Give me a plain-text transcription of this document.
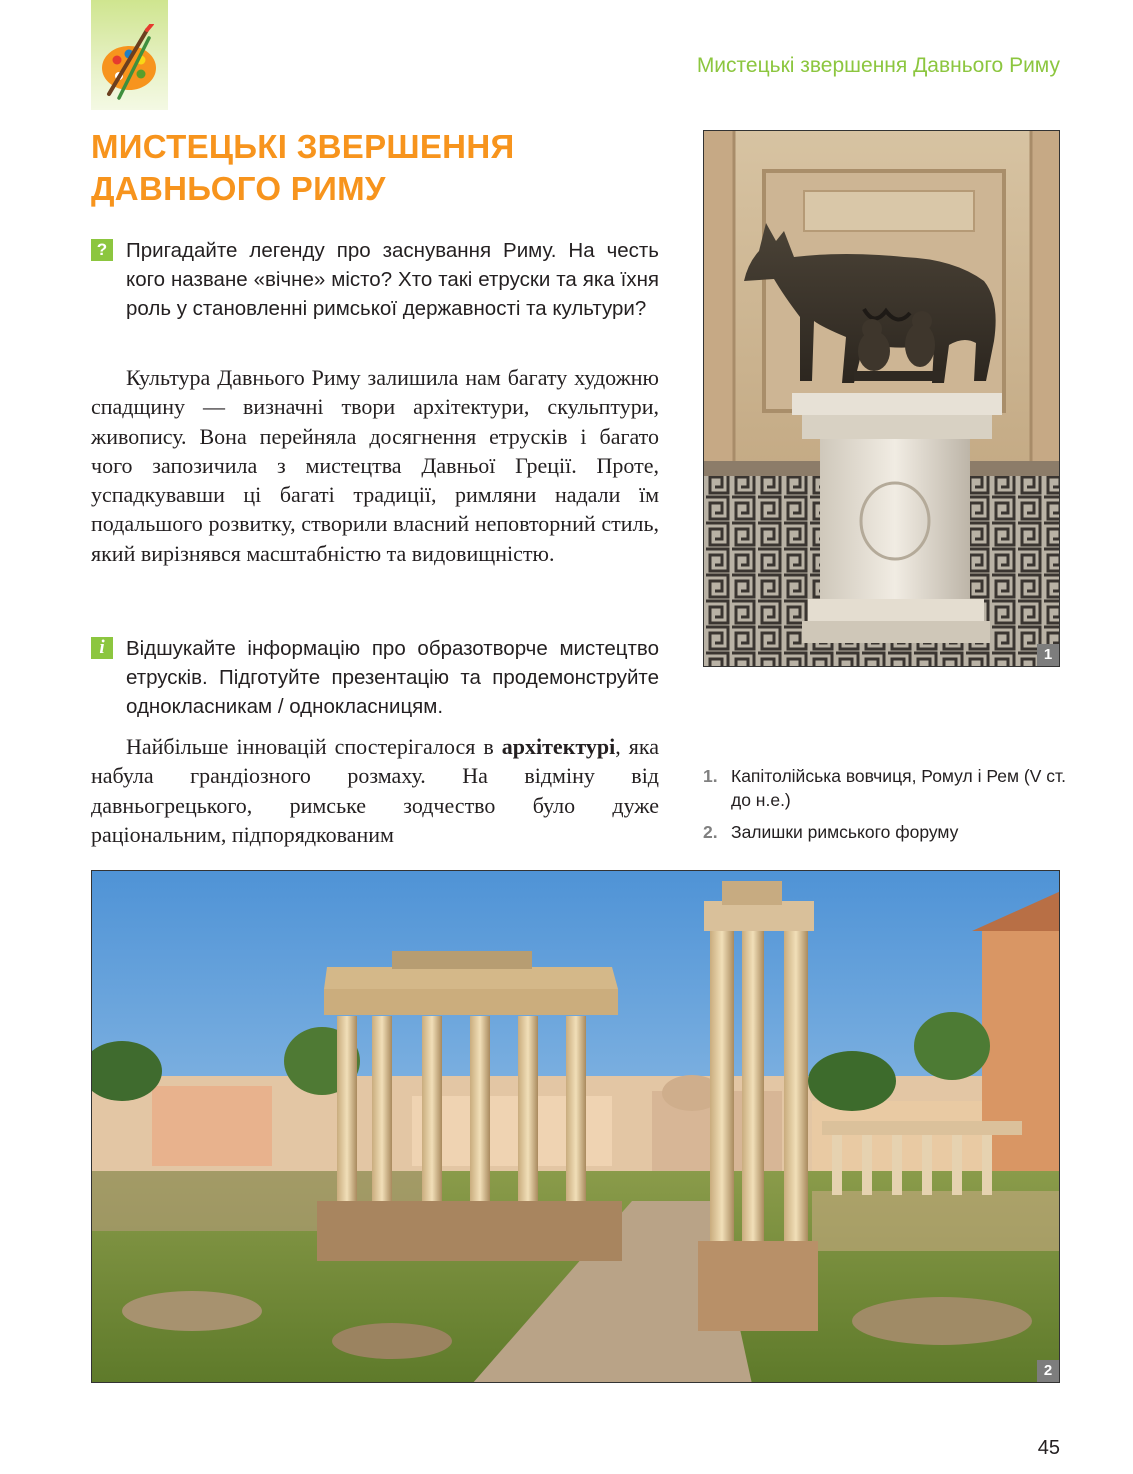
Мистецькі звершення Давнього Риму
МИСТЕЦЬКІ ЗВЕРШЕННЯ
ДАВНЬОГО РИМУ
? Пригадайте легенду про заснування Риму. На честь кого назване «вічне» місто? Хто такі етруски та яка їхня роль у становленні римської державності та культури?

Культура Давнього Риму залишила нам багату художню спадщину — визначні твори архітектури, скульптури, живопису. Вона перейняла досягнення етрусків і багато чого запозичила з мистецтва Давньої Греції. Проте, успадкувавши ці багаті традиції, римляни надали їм подальшого розвитку, створили власний неповторний стиль, який вирізнявся масштабністю та видовищністю.

i	Відшукайте інформацію про образотворче мистецтво етрусків. Підготуйте презентацію та продемонструйте однокласникам / однокласницям.

Найбільше інновацій спостерігалося в архітектурі, яка набула грандіозного розмаху. На відміну від давньогрецького, римське зодчество було дуже раціональним, підпорядкованим

1
1. Капітолійська вовчиця, Ромул і Рем (V ст. до н.е.)
2. Залишки римського форуму
2
45
